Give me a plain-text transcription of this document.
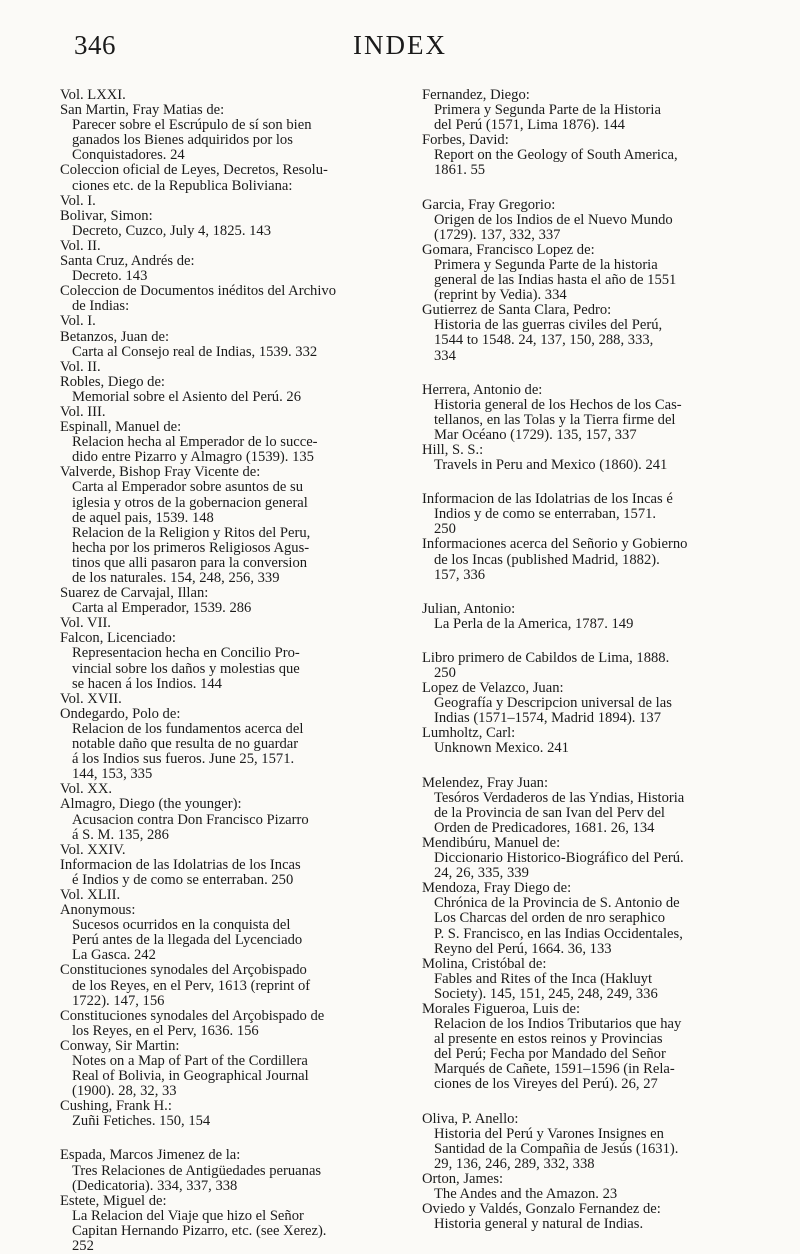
INDEX
346
Vol. LXXI.
San Martin, Fray Matias de:
Parecer sobre el Escrúpulo de sí son bien
ganados los Bienes adquiridos por los
Conquistadores. 24
Coleccion oficial de Leyes, Decretos, Resolu-
ciones etc. de la Republica Boliviana:
Vol. I.
Bolivar, Simon:
Decreto, Cuzco, July 4, 1825. 143
Vol. II.
Santa Cruz, Andrés de:
Decreto. 143
Coleccion de Documentos inéditos del Archivo
de Indias:
Vol. I.
Betanzos, Juan de:
Carta al Consejo real de Indias, 1539. 332
Vol. II.
Robles, Diego de:
Memorial sobre el Asiento del Perú. 26
Vol. III.
Espinall, Manuel de:
Relacion hecha al Emperador de lo succe-
dido entre Pizarro y Almagro (1539). 135
Valverde, Bishop Fray Vicente de:
Carta al Emperador sobre asuntos de su
iglesia y otros de la gobernacion general
de aquel pais, 1539. 148
Relacion de la Religion y Ritos del Peru,
hecha por los primeros Religiosos Agus-
tinos que alli pasaron para la conversion
de los naturales. 154, 248, 256, 339
Suarez de Carvajal, Illan:
Carta al Emperador, 1539. 286
Vol. VII.
Falcon, Licenciado:
Representacion hecha en Concilio Pro-
vincial sobre los daños y molestias que
se hacen á los Indios. 144
Vol. XVII.
Ondegardo, Polo de:
Relacion de los fundamentos acerca del
notable daño que resulta de no guardar
á los Indios sus fueros. June 25, 1571.
144, 153, 335
Vol. XX.
Almagro, Diego (the younger):
Acusacion contra Don Francisco Pizarro
á S. M. 135, 286
Vol. XXIV.
Informacion de las Idolatrias de los Incas
é Indios y de como se enterraban. 250
Vol. XLII.
Anonymous:
Sucesos ocurridos en la conquista del
Perú antes de la llegada del Lycenciado
La Gasca. 242
Constituciones synodales del Arçobispado
de los Reyes, en el Perv, 1613 (reprint of
1722). 147, 156
Constituciones synodales del Arçobispado de
los Reyes, en el Perv, 1636. 156
Conway, Sir Martin:
Notes on a Map of Part of the Cordillera
Real of Bolivia, in Geographical Journal
(1900). 28, 32, 33
Cushing, Frank H.:
Zuñi Fetiches. 150, 154
Espada, Marcos Jimenez de la:
Tres Relaciones de Antigüedades peruanas
(Dedicatoria). 334, 337, 338
Estete, Miguel de:
La Relacion del Viaje que hizo el Señor
Capitan Hernando Pizarro, etc. (see Xerez).
252
Fernandez, Diego:
Primera y Segunda Parte de la Historia
del Perú (1571, Lima 1876). 144
Forbes, David:
Report on the Geology of South America,
1861. 55
Garcia, Fray Gregorio:
Origen de los Indios de el Nuevo Mundo
(1729). 137, 332, 337
Gomara, Francisco Lopez de:
Primera y Segunda Parte de la historia
general de las Indias hasta el año de 1551
(reprint by Vedia). 334
Gutierrez de Santa Clara, Pedro:
Historia de las guerras civiles del Perú,
1544 to 1548. 24, 137, 150, 288, 333,
334
Herrera, Antonio de:
Historia general de los Hechos de los Cas-
tellanos, en las Tolas y la Tierra firme del
Mar Océano (1729). 135, 157, 337
Hill, S. S.:
Travels in Peru and Mexico (1860). 241
Informacion de las Idolatrias de los Incas é
Indios y de como se enterraban, 1571.
250
Informaciones acerca del Señorio y Gobierno
de los Incas (published Madrid, 1882).
157, 336
Julian, Antonio:
La Perla de la America, 1787. 149
Libro primero de Cabildos de Lima, 1888.
250
Lopez de Velazco, Juan:
Geografía y Descripcion universal de las
Indias (1571–1574, Madrid 1894). 137
Lumholtz, Carl:
Unknown Mexico. 241
Melendez, Fray Juan:
Tesóros Verdaderos de las Yndias, Historia
de la Provincia de san Ivan del Perv del
Orden de Predicadores, 1681. 26, 134
Mendibúru, Manuel de:
Diccionario Historico-Biográfico del Perú.
24, 26, 335, 339
Mendoza, Fray Diego de:
Chrónica de la Provincia de S. Antonio de
Los Charcas del orden de nro seraphico
P. S. Francisco, en las Indias Occidentales,
Reyno del Perú, 1664. 36, 133
Molina, Cristóbal de:
Fables and Rites of the Inca (Hakluyt
Society). 145, 151, 245, 248, 249, 336
Morales Figueroa, Luis de:
Relacion de los Indios Tributarios que hay
al presente en estos reinos y Provincias
del Perú; Fecha por Mandado del Señor
Marqués de Cañete, 1591–1596 (in Rela-
ciones de los Vireyes del Perú). 26, 27
Oliva, P. Anello:
Historia del Perú y Varones Insignes en
Santidad de la Compañia de Jesús (1631).
29, 136, 246, 289, 332, 338
Orton, James:
The Andes and the Amazon. 23
Oviedo y Valdés, Gonzalo Fernandez de:
Historia general y natural de Indias.
